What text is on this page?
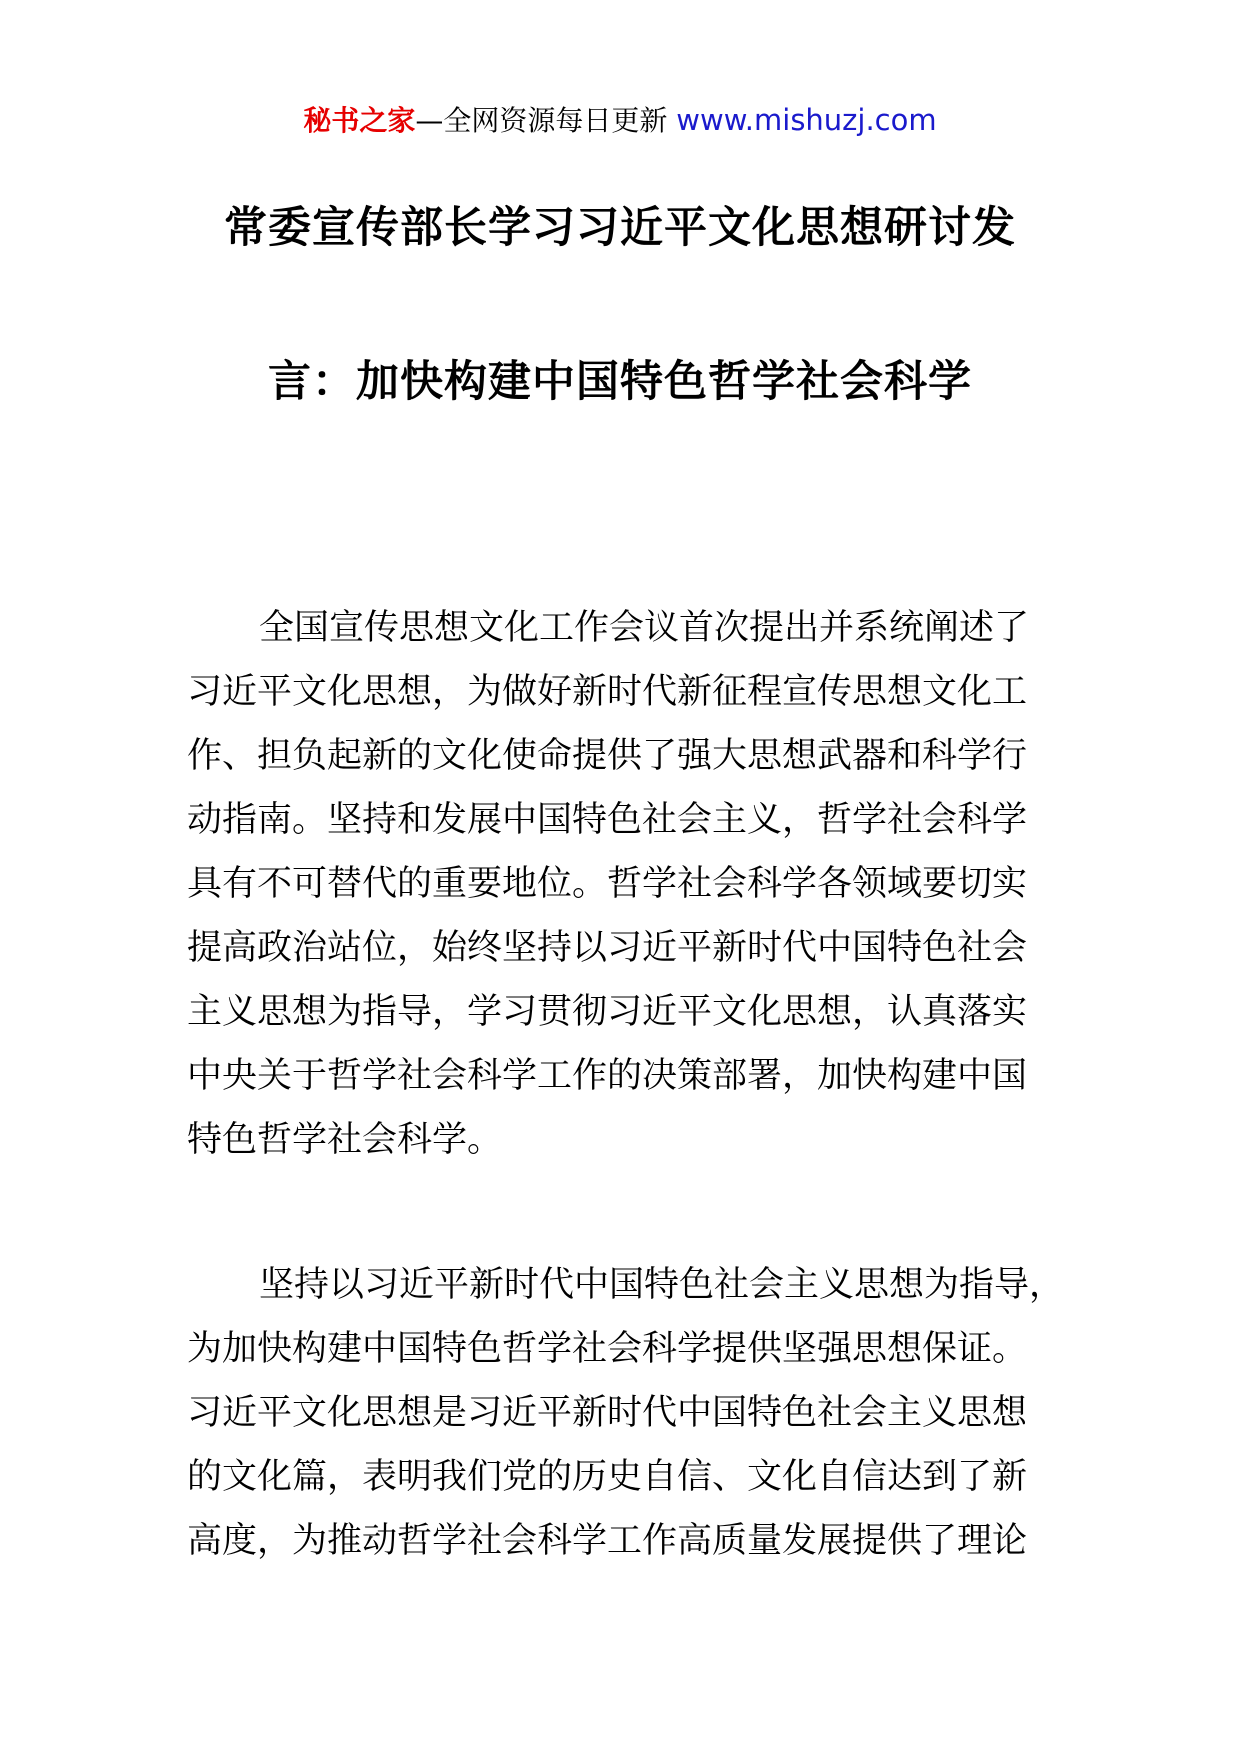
秘书之家—全网资源每日更新 www.mishuzj.com
常委宣传部长学习习近平文化思想研讨发
言：加快构建中国特色哲学社会科学
全国宣传思想文化工作会议首次提出并系统阐述了
习近平文化思想，为做好新时代新征程宣传思想文化工
作、担负起新的文化使命提供了强大思想武器和科学行
动指南。坚持和发展中国特色社会主义，哲学社会科学
具有不可替代的重要地位。哲学社会科学各领域要切实
提高政治站位，始终坚持以习近平新时代中国特色社会
主义思想为指导，学习贯彻习近平文化思想，认真落实
中央关于哲学社会科学工作的决策部署，加快构建中国
特色哲学社会科学。
坚持以习近平新时代中国特色社会主义思想为指导，
为加快构建中国特色哲学社会科学提供坚强思想保证。
习近平文化思想是习近平新时代中国特色社会主义思想
的文化篇，表明我们党的历史自信、文化自信达到了新
高度，为推动哲学社会科学工作高质量发展提供了理论
